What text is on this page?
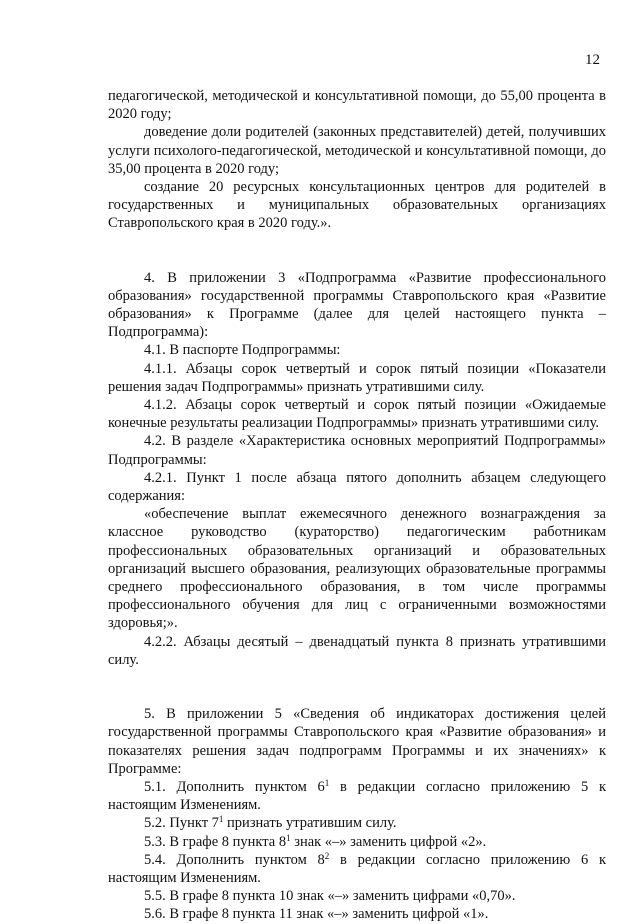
12

педагогической, методической и консультативной помощи, до 55,00 процента в 2020 году;

доведение доли родителей (законных представителей) детей, получивших услуги психолого-педагогической, методической и консультативной помощи, до 35,00 процента в 2020 году;

создание 20 ресурсных консультационных центров для родителей в государственных и муниципальных образовательных организациях Ставропольского края в 2020 году.».

4. В приложении 3 «Подпрограмма «Развитие профессионального образования» государственной программы Ставропольского края «Развитие образования» к Программе (далее для целей настоящего пункта – Подпрограмма):

4.1. В паспорте Подпрограммы:

4.1.1. Абзацы сорок четвертый и сорок пятый позиции «Показатели решения задач Подпрограммы» признать утратившими силу.

4.1.2. Абзацы сорок четвертый и сорок пятый позиции «Ожидаемые конечные результаты реализации Подпрограммы» признать утратившими силу.

4.2. В разделе «Характеристика основных мероприятий Подпрограммы» Подпрограммы:

4.2.1. Пункт 1 после абзаца пятого дополнить абзацем следующего содержания:

«обеспечение выплат ежемесячного денежного вознаграждения за классное руководство (кураторство) педагогическим работникам профессиональных образовательных организаций и образовательных организаций высшего образования, реализующих образовательные программы среднего профессионального образования, в том числе программы профессионального обучения для лиц с ограниченными возможностями здоровья;».

4.2.2. Абзацы десятый – двенадцатый пункта 8 признать утратившими силу.

5. В приложении 5 «Сведения об индикаторах достижения целей государственной программы Ставропольского края «Развитие образования» и показателях решения задач подпрограмм Программы и их значениях» к Программе:

5.1. Дополнить пунктом $6^1$ в редакции согласно приложению 5 к настоящим Изменениям.

5.2. Пункт $7^1$ признать утратившим силу.

5.3. В графе 8 пункта $8^1$ знак «–» заменить цифрой «2».

5.4. Дополнить пунктом $8^2$ в редакции согласно приложению 6 к настоящим Изменениям.

5.5. В графе 8 пункта 10 знак «–» заменить цифрами «0,70».

5.6. В графе 8 пункта 11 знак «–» заменить цифрой «1».
